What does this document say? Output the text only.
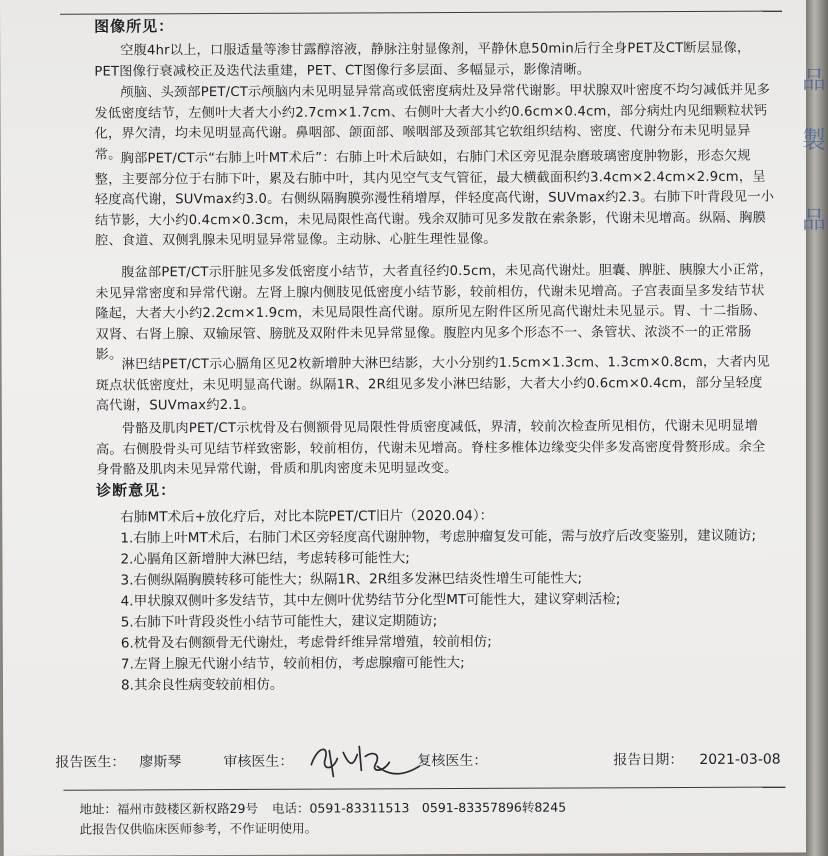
图像所见：
空腹4hr以上，口服适量等渗甘露醇溶液，静脉注射显像剂，平静休息50min后行全身PET及CT断层显像，PET图像行衰减校正及迭代法重建，PET、CT图像行多层面、多幅显示，影像清晰。
颅脑、头颈部PET/CT示颅脑内未见明显异常高或低密度病灶及异常代谢影。甲状腺双叶密度不均匀减低并见多发低密度结节，左侧叶大者大小约2.7cm×1.7cm、右侧叶大者大小约0.6cm×0.4cm，部分病灶内见细颗粒状钙化，界欠清，均未见明显高代谢。鼻咽部、颌面部、喉咽部及颈部其它软组织结构、密度、代谢分布未见明显异常。 胸部PET/CT示“右肺上叶MT术后”：右肺上叶术后缺如，右肺门术区旁见混杂磨玻璃密度肿物影，形态欠规整，主要部分位于右肺下叶，累及右肺中叶，其内见空气支气管征，最大横截面积约3.4cm×2.4cm×2.9cm，呈轻度高代谢，SUVmax约3.0。右侧纵隔胸膜弥漫性稍增厚，伴轻度高代谢，SUVmax约2.3。右肺下叶背段见一小结节影，大小约0.4cm×0.3cm，未见局限性高代谢。残余双肺可见多发散在索条影，代谢未见增高。纵隔、胸膜腔、食道、双侧乳腺未见明显异常显像。主动脉、心脏生理性显像。
腹盆部PET/CT示肝脏见多发低密度小结节，大者直径约0.5cm，未见高代谢灶。胆囊、脾脏、胰腺大小正常，未见异常密度和异常代谢。左肾上腺内侧肢见低密度小结节影，较前相仿，代谢未见增高。子宫表面呈多发结节状隆起，大者大小约2.2cm×1.9cm，未见局限性高代谢。原所见左附件区所见高代谢灶未见显示。胃、十二指肠、双肾、右肾上腺、双输尿管、膀胱及双附件未见异常显像。腹腔内见多个形态不一、条管状、浓淡不一的正常肠影。 淋巴结PET/CT示心膈角区见2枚新增肿大淋巴结影，大小分别约1.5cm×1.3cm、1.3cm×0.8cm，大者内见斑点状低密度灶，未见明显高代谢。纵隔1R、2R组见多发小淋巴结影，大者大小约0.6cm×0.4cm，部分呈轻度高代谢，SUVmax约2.1。
骨骼及肌肉PET/CT示枕骨及右侧额骨见局限性骨质密度减低，界清，较前次检查所见相仿，代谢未见明显增高。右侧股骨头可见结节样致密影，较前相仿，代谢未见增高。脊柱多椎体边缘变尖伴多发高密度骨赘形成。余全身骨骼及肌肉未见异常代谢，骨质和肌肉密度未见明显改变。
诊断意见：
右肺MT术后+放化疗后，对比本院PET/CT旧片（2020.04）：
1.右肺上叶MT术后，右肺门术区旁轻度高代谢肿物，考虑肿瘤复发可能，需与放疗后改变鉴别，建议随访;
2.心膈角区新增肿大淋巴结，考虑转移可能性大;
3.右侧纵隔胸膜转移可能性大；纵隔1R、2R组多发淋巴结炎性增生可能性大;
4.甲状腺双侧叶多发结节，其中左侧叶优势结节分化型MT可能性大，建议穿刺活检;
5.右肺下叶背段炎性小结节可能性大，建议定期随访;
6.枕骨及右侧额骨无代谢灶，考虑骨纤维异常增殖，较前相仿;
7.左肾上腺无代谢小结节，较前相仿，考虑腺瘤可能性大;
8.其余良性病变较前相仿。
报告医生： 廖斯琴	审核医生：	复核医生：	报告日期： 2021-03-08
地址：福州市鼓楼区新权路29号 电话：0591-83311513　0591-83357896转8245
此报告仅供临床医师参考，不作证明使用。
品
製
品
